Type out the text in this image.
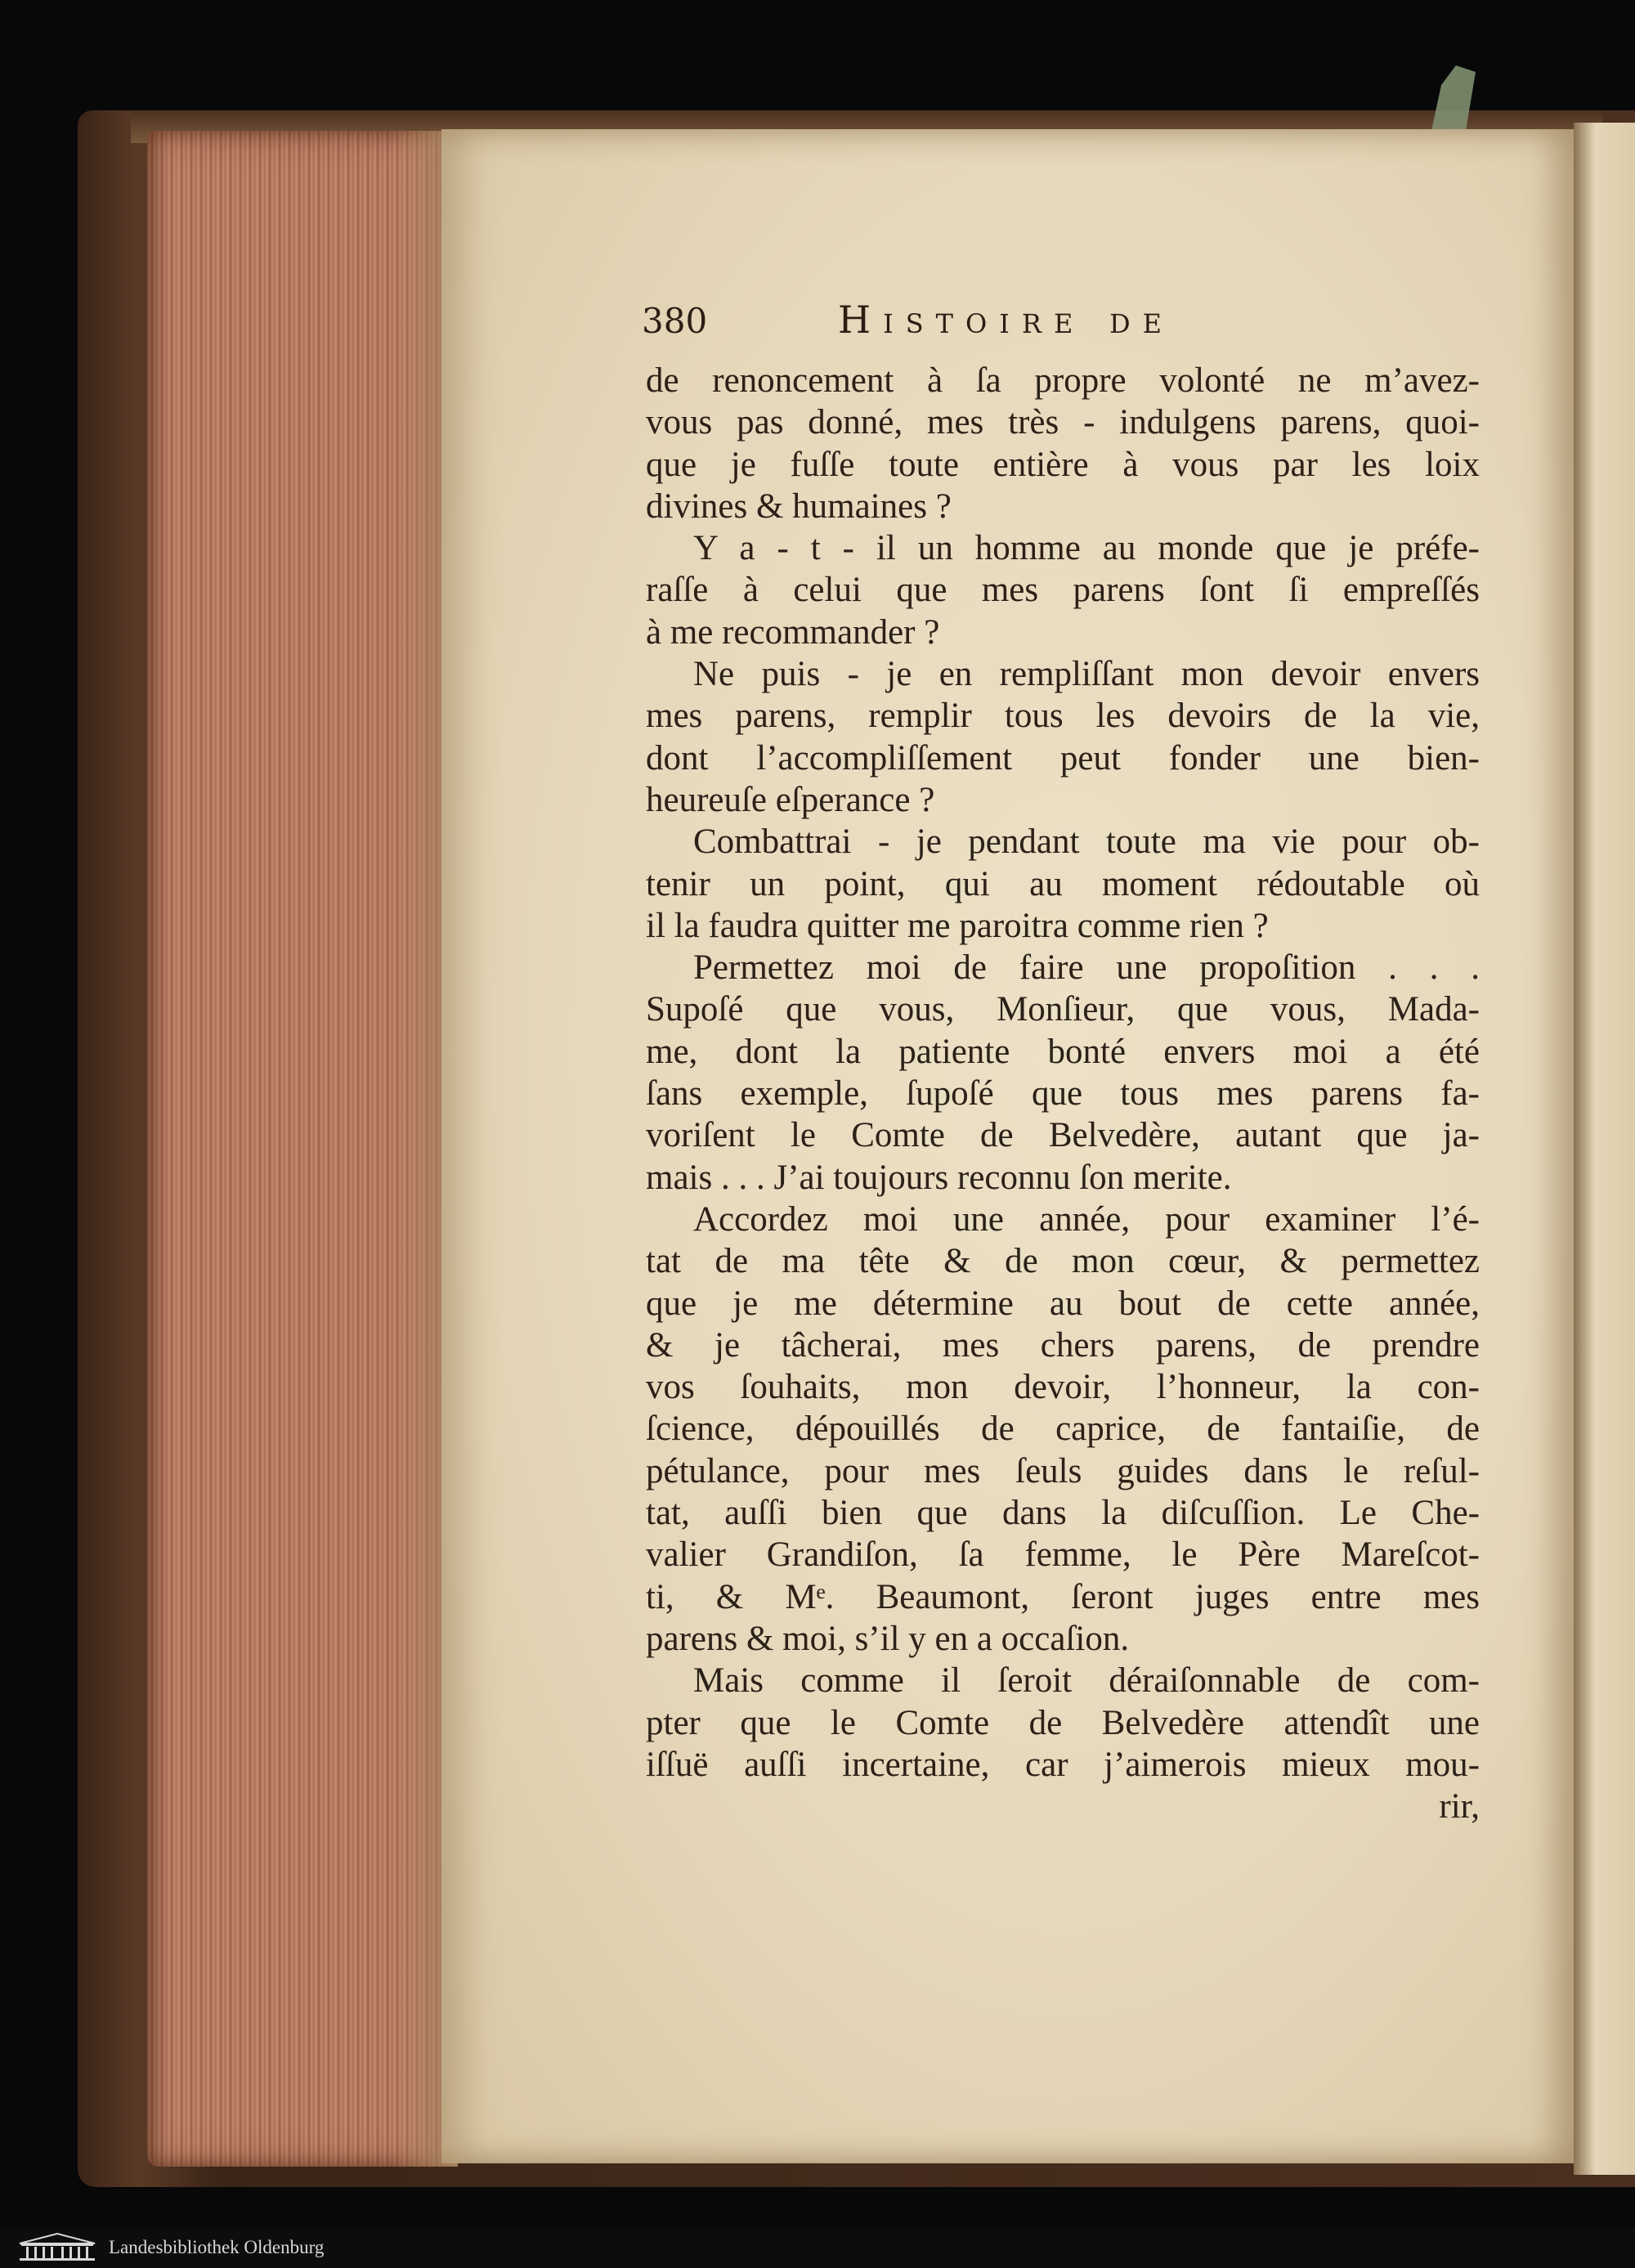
380	Histoire de
de renoncement à ſa propre volonté ne m’avez-
vous pas donné, mes très - indulgens parens, quoi-
que je fuſſe toute entière à vous par les loix
divines & humaines ?
Y a - t - il un homme au monde que je préfe-
raſſe à celui que mes parens ſont ſi empreſſés
à me recommander ?
Ne puis - je en rempliſſant mon devoir envers
mes parens, remplir tous les devoirs de la vie,
dont l’accompliſſement peut fonder une bien-
heureuſe eſperance ?
Combattrai - je pendant toute ma vie pour ob-
tenir un point, qui au moment rédoutable où
il la faudra quitter me paroitra comme rien ?
Permettez moi de faire une propoſition . . .
Supoſé que vous, Monſieur, que vous, Mada-
me, dont la patiente bonté envers moi a été
ſans exemple, ſupoſé que tous mes parens fa-
voriſent le Comte de Belvedère, autant que ja-
mais . . . J’ai toujours reconnu ſon merite.
Accordez moi une année, pour examiner l’é-
tat de ma tête & de mon cœur, & permettez
que je me détermine au bout de cette année,
& je tâcherai, mes chers parens, de prendre
vos ſouhaits, mon devoir, l’honneur, la con-
ſcience, dépouillés de caprice, de fantaiſie, de
pétulance, pour mes ſeuls guides dans le reſul-
tat, auſſi bien que dans la diſcuſſion. Le Che-
valier Grandiſon, ſa femme, le Père Mareſcot-
ti, & Mᵉ. Beaumont, ſeront juges entre mes
parens & moi, s’il y en a occaſion.
Mais comme il ſeroit déraiſonnable de com-
pter que le Comte de Belvedère attendît une
iſſuë auſſi incertaine, car j’aimerois mieux mou-
rir,
Landesbibliothek Oldenburg
